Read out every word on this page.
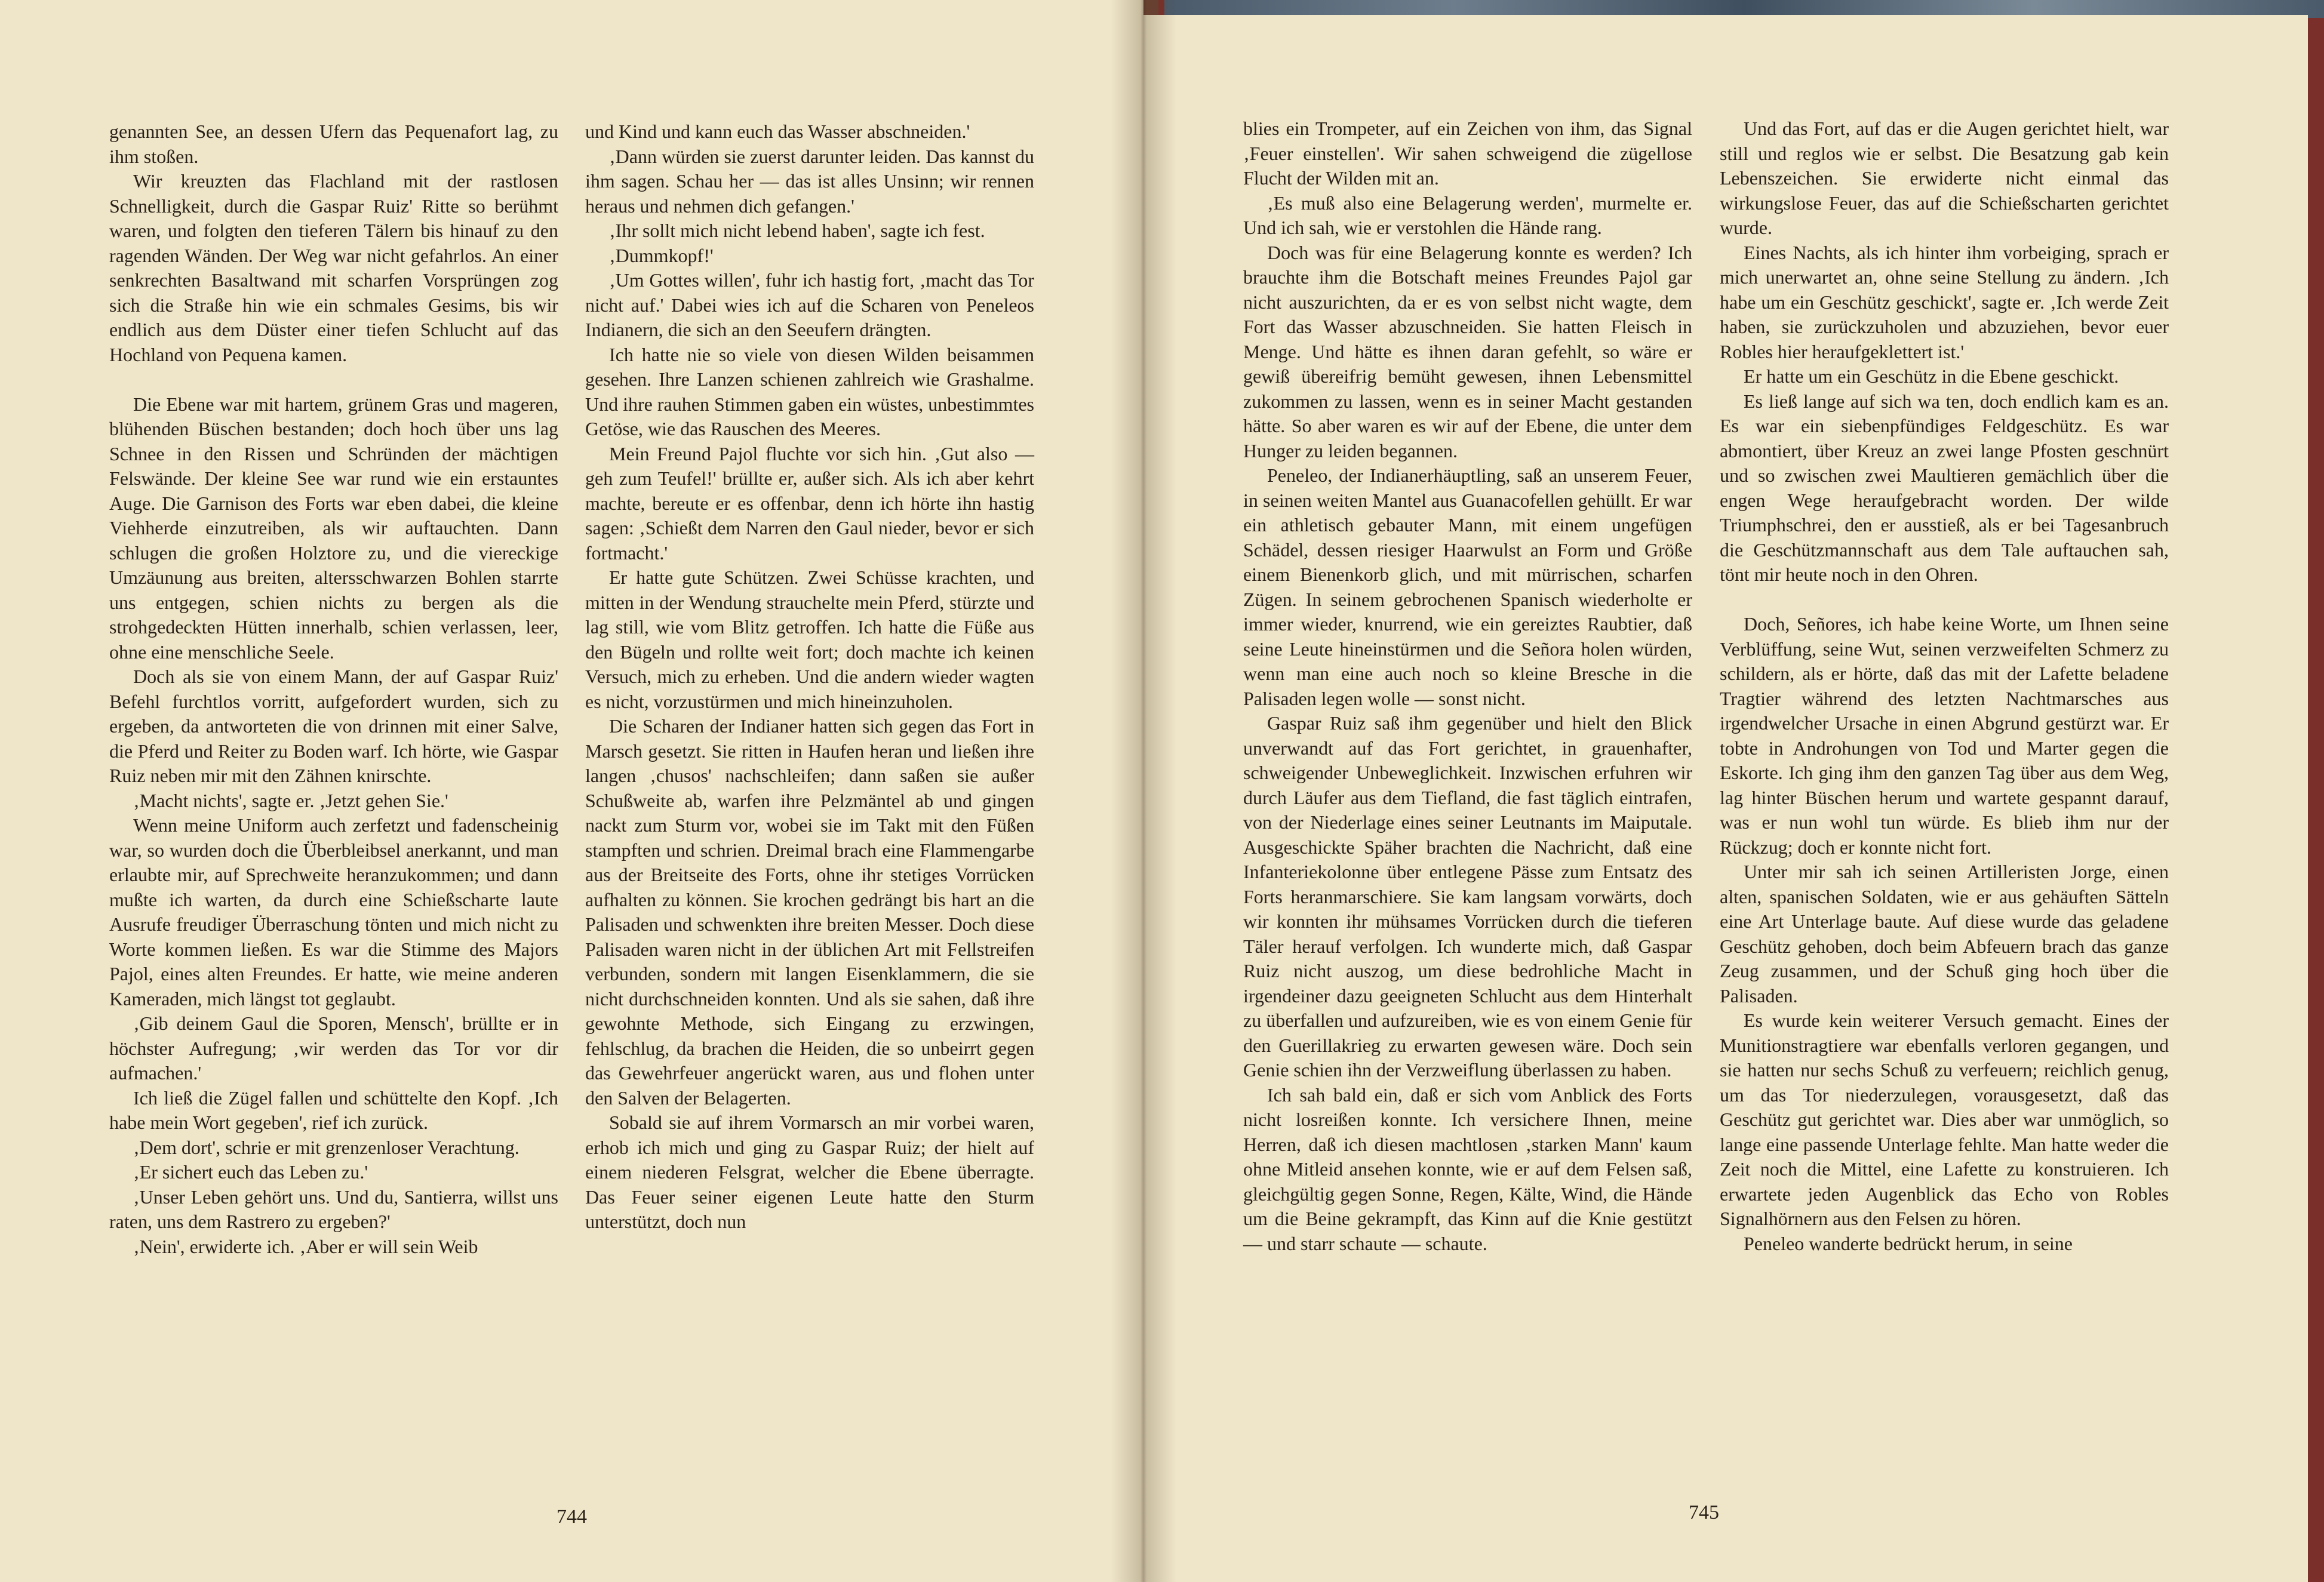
genannten See, an dessen Ufern das Pequenafort lag, zu ihm stoßen.

Wir kreuzten das Flachland mit der rastlosen Schnelligkeit, durch die Gaspar Ruiz' Ritte so berühmt waren, und folgten den tieferen Tälern bis hinauf zu den ragenden Wänden. Der Weg war nicht gefahrlos. An einer senkrechten Basaltwand mit scharfen Vorsprüngen zog sich die Straße hin wie ein schmales Gesims, bis wir endlich aus dem Düster einer tiefen Schlucht auf das Hochland von Pequena kamen.

Die Ebene war mit hartem, grünem Gras und mageren, blühenden Büschen bestanden; doch hoch über uns lag Schnee in den Rissen und Schründen der mächtigen Felswände. Der kleine See war rund wie ein erstauntes Auge. Die Garnison des Forts war eben dabei, die kleine Viehherde einzutreiben, als wir auftauchten. Dann schlugen die großen Holztore zu, und die viereckige Umzäunung aus breiten, altersschwarzen Bohlen starrte uns entgegen, schien nichts zu bergen als die strohgedeckten Hütten innerhalb, schien verlassen, leer, ohne eine menschliche Seele.

Doch als sie von einem Mann, der auf Gaspar Ruiz' Befehl furchtlos vorritt, aufgefordert wurden, sich zu ergeben, da antworteten die von drinnen mit einer Salve, die Pferd und Reiter zu Boden warf. Ich hörte, wie Gaspar Ruiz neben mir mit den Zähnen knirschte.

‚Macht nichts', sagte er. ‚Jetzt gehen Sie.'

Wenn meine Uniform auch zerfetzt und fadenscheinig war, so wurden doch die Überbleibsel anerkannt, und man erlaubte mir, auf Sprechweite heranzukommen; und dann mußte ich warten, da durch eine Schießscharte laute Ausrufe freudiger Überraschung tönten und mich nicht zu Worte kommen ließen. Es war die Stimme des Majors Pajol, eines alten Freundes. Er hatte, wie meine anderen Kameraden, mich längst tot geglaubt.

‚Gib deinem Gaul die Sporen, Mensch', brüllte er in höchster Aufregung; ‚wir werden das Tor vor dir aufmachen.'

Ich ließ die Zügel fallen und schüttelte den Kopf. ‚Ich habe mein Wort gegeben', rief ich zurück.

‚Dem dort', schrie er mit grenzenloser Verachtung.

‚Er sichert euch das Leben zu.'

‚Unser Leben gehört uns. Und du, Santierra, willst uns raten, uns dem Rastrero zu ergeben?'

‚Nein', erwiderte ich. ‚Aber er will sein Weib

und Kind und kann euch das Wasser abschneiden.'

‚Dann würden sie zuerst darunter leiden. Das kannst du ihm sagen. Schau her — das ist alles Unsinn; wir rennen heraus und nehmen dich gefangen.'

‚Ihr sollt mich nicht lebend haben', sagte ich fest.

‚Dummkopf!'

‚Um Gottes willen', fuhr ich hastig fort, ‚macht das Tor nicht auf.' Dabei wies ich auf die Scharen von Peneleos Indianern, die sich an den Seeufern drängten.

Ich hatte nie so viele von diesen Wilden beisammen gesehen. Ihre Lanzen schienen zahlreich wie Grashalme. Und ihre rauhen Stimmen gaben ein wüstes, unbestimmtes Getöse, wie das Rauschen des Meeres.

Mein Freund Pajol fluchte vor sich hin. ‚Gut also — geh zum Teufel!' brüllte er, außer sich. Als ich aber kehrt machte, bereute er es offenbar, denn ich hörte ihn hastig sagen: ‚Schießt dem Narren den Gaul nieder, bevor er sich fortmacht.'

Er hatte gute Schützen. Zwei Schüsse krachten, und mitten in der Wendung strauchelte mein Pferd, stürzte und lag still, wie vom Blitz getroffen. Ich hatte die Füße aus den Bügeln und rollte weit fort; doch machte ich keinen Versuch, mich zu erheben. Und die andern wieder wagten es nicht, vorzustürmen und mich hineinzuholen.

Die Scharen der Indianer hatten sich gegen das Fort in Marsch gesetzt. Sie ritten in Haufen heran und ließen ihre langen ‚chusos' nachschleifen; dann saßen sie außer Schußweite ab, warfen ihre Pelzmäntel ab und gingen nackt zum Sturm vor, wobei sie im Takt mit den Füßen stampften und schrien. Dreimal brach eine Flammengarbe aus der Breitseite des Forts, ohne ihr stetiges Vorrücken aufhalten zu können. Sie krochen gedrängt bis hart an die Palisaden und schwenkten ihre breiten Messer. Doch diese Palisaden waren nicht in der üblichen Art mit Fellstreifen verbunden, sondern mit langen Eisenklammern, die sie nicht durchschneiden konnten. Und als sie sahen, daß ihre gewohnte Methode, sich Eingang zu erzwingen, fehlschlug, da brachen die Heiden, die so unbeirrt gegen das Gewehrfeuer angerückt waren, aus und flohen unter den Salven der Belagerten.

Sobald sie auf ihrem Vormarsch an mir vorbei waren, erhob ich mich und ging zu Gaspar Ruiz; der hielt auf einem niederen Felsgrat, welcher die Ebene überragte. Das Feuer seiner eigenen Leute hatte den Sturm unterstützt, doch nun

744

blies ein Trompeter, auf ein Zeichen von ihm, das Signal ‚Feuer einstellen'. Wir sahen schweigend die zügellose Flucht der Wilden mit an.

‚Es muß also eine Belagerung werden', murmelte er. Und ich sah, wie er verstohlen die Hände rang.

Doch was für eine Belagerung konnte es werden? Ich brauchte ihm die Botschaft meines Freundes Pajol gar nicht auszurichten, da er es von selbst nicht wagte, dem Fort das Wasser abzuschneiden. Sie hatten Fleisch in Menge. Und hätte es ihnen daran gefehlt, so wäre er gewiß übereifrig bemüht gewesen, ihnen Lebensmittel zukommen zu lassen, wenn es in seiner Macht gestanden hätte. So aber waren es wir auf der Ebene, die unter dem Hunger zu leiden begannen.

Peneleo, der Indianerhäuptling, saß an unserem Feuer, in seinen weiten Mantel aus Guanacofellen gehüllt. Er war ein athletisch gebauter Mann, mit einem ungefügen Schädel, dessen riesiger Haarwulst an Form und Größe einem Bienenkorb glich, und mit mürrischen, scharfen Zügen. In seinem gebrochenen Spanisch wiederholte er immer wieder, knurrend, wie ein gereiztes Raubtier, daß seine Leute hineinstürmen und die Señora holen würden, wenn man eine auch noch so kleine Bresche in die Palisaden legen wolle — sonst nicht.

Gaspar Ruiz saß ihm gegenüber und hielt den Blick unverwandt auf das Fort gerichtet, in grauenhafter, schweigender Unbeweglichkeit. Inzwischen erfuhren wir durch Läufer aus dem Tiefland, die fast täglich eintrafen, von der Niederlage eines seiner Leutnants im Maiputale. Ausgeschickte Späher brachten die Nachricht, daß eine Infanteriekolonne über entlegene Pässe zum Entsatz des Forts heranmarschiere. Sie kam langsam vorwärts, doch wir konnten ihr mühsames Vorrücken durch die tieferen Täler herauf verfolgen. Ich wunderte mich, daß Gaspar Ruiz nicht auszog, um diese bedrohliche Macht in irgendeiner dazu geeigneten Schlucht aus dem Hinterhalt zu überfallen und aufzureiben, wie es von einem Genie für den Guerillakrieg zu erwarten gewesen wäre. Doch sein Genie schien ihn der Verzweiflung überlassen zu haben.

Ich sah bald ein, daß er sich vom Anblick des Forts nicht losreißen konnte. Ich versichere Ihnen, meine Herren, daß ich diesen machtlosen ‚starken Mann' kaum ohne Mitleid ansehen konnte, wie er auf dem Felsen saß, gleichgültig gegen Sonne, Regen, Kälte, Wind, die Hände um die Beine gekrampft, das Kinn auf die Knie gestützt — und starr schaute — schaute.

Und das Fort, auf das er die Augen gerichtet hielt, war still und reglos wie er selbst. Die Besatzung gab kein Lebenszeichen. Sie erwiderte nicht einmal das wirkungslose Feuer, das auf die Schießscharten gerichtet wurde.

Eines Nachts, als ich hinter ihm vorbeiging, sprach er mich unerwartet an, ohne seine Stellung zu ändern. ‚Ich habe um ein Geschütz geschickt', sagte er. ‚Ich werde Zeit haben, sie zurückzuholen und abzuziehen, bevor euer Robles hier heraufgeklettert ist.'

Er hatte um ein Geschütz in die Ebene geschickt.

Es ließ lange auf sich wa ten, doch endlich kam es an. Es war ein siebenpfündiges Feldgeschütz. Es war abmontiert, über Kreuz an zwei lange Pfosten geschnürt und so zwischen zwei Maultieren gemächlich über die engen Wege heraufgebracht worden. Der wilde Triumphschrei, den er ausstieß, als er bei Tagesanbruch die Geschützmannschaft aus dem Tale auftauchen sah, tönt mir heute noch in den Ohren.

Doch, Señores, ich habe keine Worte, um Ihnen seine Verblüffung, seine Wut, seinen verzweifelten Schmerz zu schildern, als er hörte, daß das mit der Lafette beladene Tragtier während des letzten Nachtmarsches aus irgendwelcher Ursache in einen Abgrund gestürzt war. Er tobte in Androhungen von Tod und Marter gegen die Eskorte. Ich ging ihm den ganzen Tag über aus dem Weg, lag hinter Büschen herum und wartete gespannt darauf, was er nun wohl tun würde. Es blieb ihm nur der Rückzug; doch er konnte nicht fort.

Unter mir sah ich seinen Artilleristen Jorge, einen alten, spanischen Soldaten, wie er aus gehäuften Sätteln eine Art Unterlage baute. Auf diese wurde das geladene Geschütz gehoben, doch beim Abfeuern brach das ganze Zeug zusammen, und der Schuß ging hoch über die Palisaden.

Es wurde kein weiterer Versuch gemacht. Eines der Munitionstragtiere war ebenfalls verloren gegangen, und sie hatten nur sechs Schuß zu verfeuern; reichlich genug, um das Tor niederzulegen, vorausgesetzt, daß das Geschütz gut gerichtet war. Dies aber war unmöglich, so lange eine passende Unterlage fehlte. Man hatte weder die Zeit noch die Mittel, eine Lafette zu konstruieren. Ich erwartete jeden Augenblick das Echo von Robles Signalhörnern aus den Felsen zu hören.

Peneleo wanderte bedrückt herum, in seine

745
